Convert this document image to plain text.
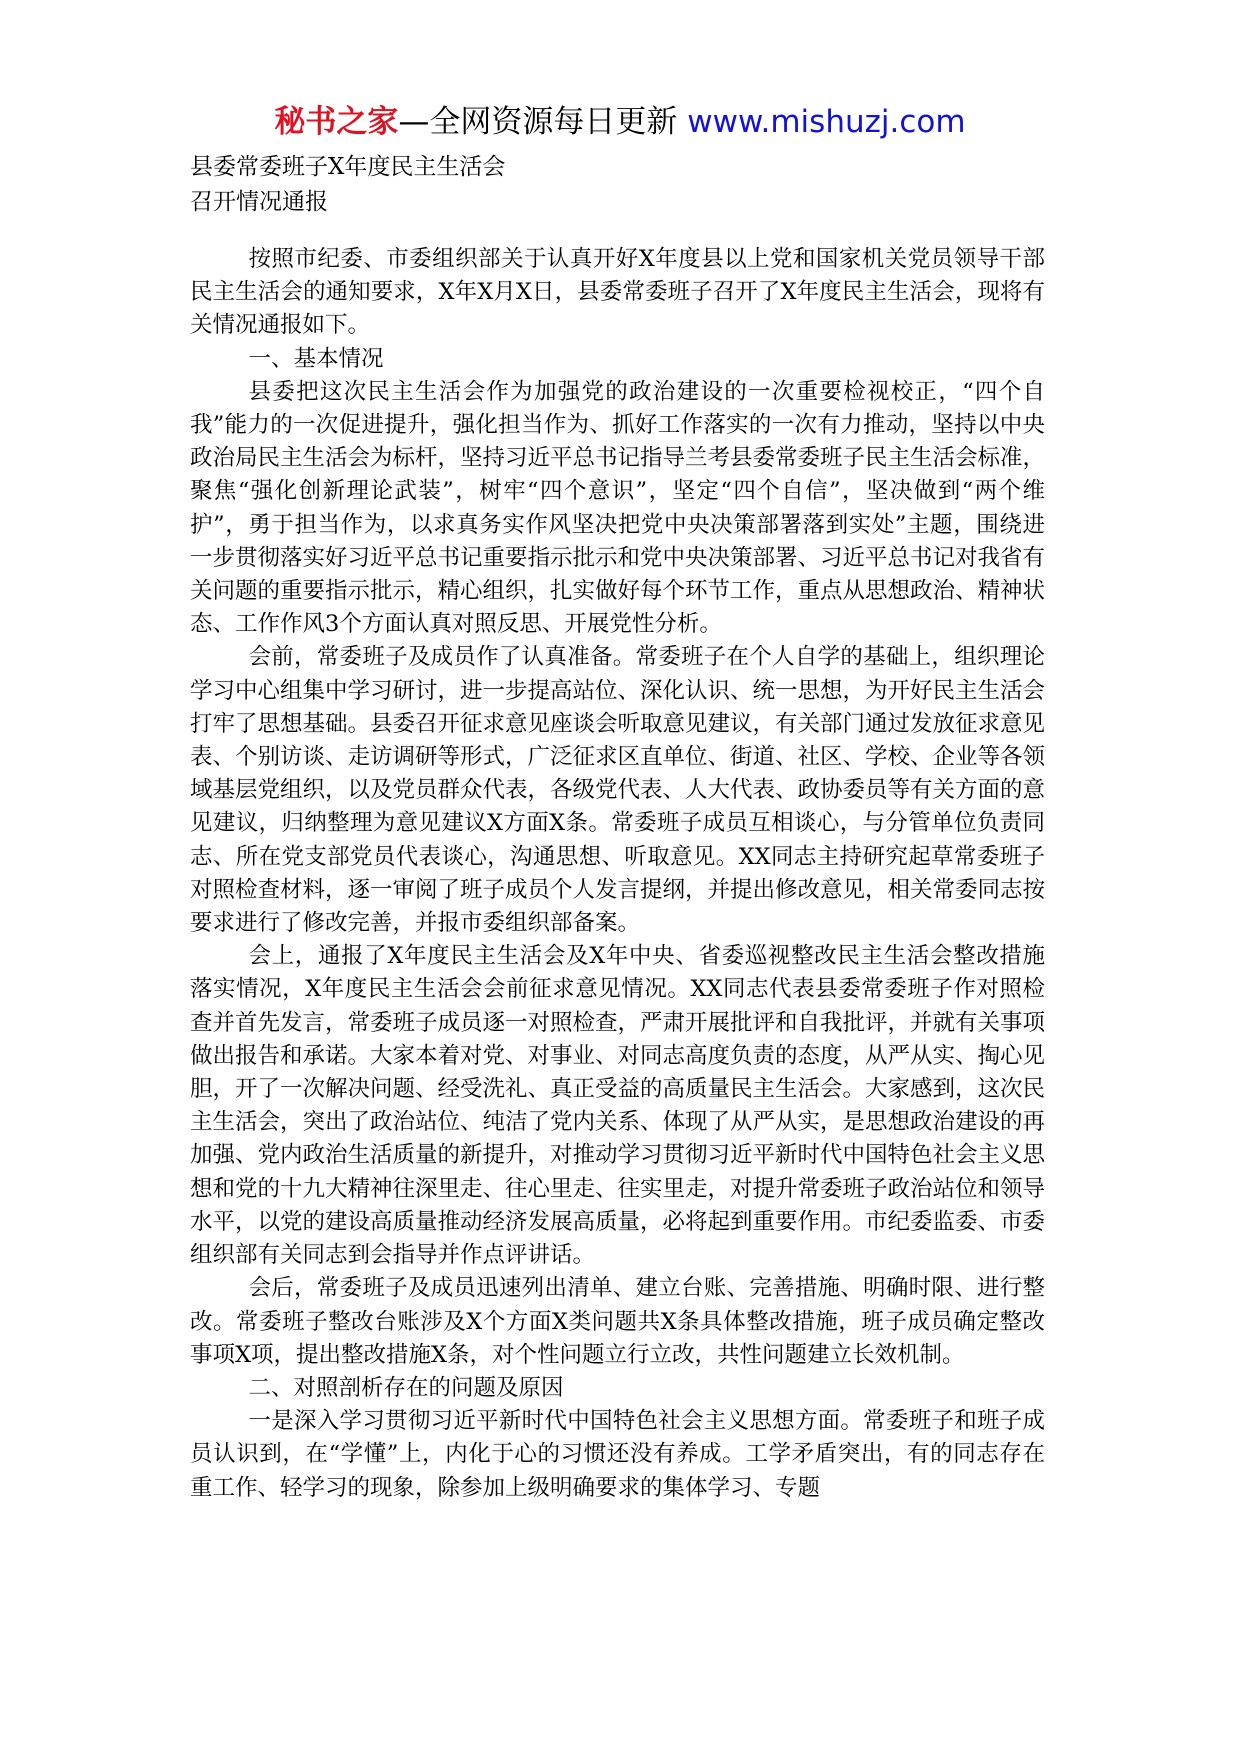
秘书之家—全网资源每日更新 www.mishuzj.com
县委常委班子X年度民主生活会
召开情况通报

按照市纪委、市委组织部关于认真开好X年度县以上党和国家机关党员领导干部民主生活会的通知要求，X年X月X日，县委常委班子召开了X年度民主生活会，现将有关情况通报如下。

一、基本情况

县委把这次民主生活会作为加强党的政治建设的一次重要检视校正，“四个自我”能力的一次促进提升，强化担当作为、抓好工作落实的一次有力推动，坚持以中央政治局民主生活会为标杆，坚持习近平总书记指导兰考县委常委班子民主生活会标准，聚焦“强化创新理论武装”，树牢“四个意识”，坚定“四个自信”，坚决做到“两个维护”，勇于担当作为，以求真务实作风坚决把党中央决策部署落到实处”主题，围绕进一步贯彻落实好习近平总书记重要指示批示和党中央决策部署、习近平总书记对我省有关问题的重要指示批示，精心组织，扎实做好每个环节工作，重点从思想政治、精神状态、工作作风3个方面认真对照反思、开展党性分析。

会前，常委班子及成员作了认真准备。常委班子在个人自学的基础上，组织理论学习中心组集中学习研讨，进一步提高站位、深化认识、统一思想，为开好民主生活会打牢了思想基础。县委召开征求意见座谈会听取意见建议，有关部门通过发放征求意见表、个别访谈、走访调研等形式，广泛征求区直单位、街道、社区、学校、企业等各领域基层党组织，以及党员群众代表，各级党代表、人大代表、政协委员等有关方面的意见建议，归纳整理为意见建议X方面X条。常委班子成员互相谈心，与分管单位负责同志、所在党支部党员代表谈心，沟通思想、听取意见。XX同志主持研究起草常委班子对照检查材料，逐一审阅了班子成员个人发言提纲，并提出修改意见，相关常委同志按要求进行了修改完善，并报市委组织部备案。

会上，通报了X年度民主生活会及X年中央、省委巡视整改民主生活会整改措施落实情况，X年度民主生活会会前征求意见情况。XX同志代表县委常委班子作对照检查并首先发言，常委班子成员逐一对照检查，严肃开展批评和自我批评，并就有关事项做出报告和承诺。大家本着对党、对事业、对同志高度负责的态度，从严从实、掏心见胆，开了一次解决问题、经受洗礼、真正受益的高质量民主生活会。大家感到，这次民主生活会，突出了政治站位、纯洁了党内关系、体现了从严从实，是思想政治建设的再加强、党内政治生活质量的新提升，对推动学习贯彻习近平新时代中国特色社会主义思想和党的十九大精神往深里走、往心里走、往实里走，对提升常委班子政治站位和领导水平，以党的建设高质量推动经济发展高质量，必将起到重要作用。市纪委监委、市委组织部有关同志到会指导并作点评讲话。

会后，常委班子及成员迅速列出清单、建立台账、完善措施、明确时限、进行整改。常委班子整改台账涉及X个方面X类问题共X条具体整改措施，班子成员确定整改事项X项，提出整改措施X条，对个性问题立行立改，共性问题建立长效机制。

二、对照剖析存在的问题及原因

一是深入学习贯彻习近平新时代中国特色社会主义思想方面。常委班子和班子成员认识到，在“学懂”上，内化于心的习惯还没有养成。工学矛盾突出，有的同志存在重工作、轻学习的现象，除参加上级明确要求的集体学习、专题
